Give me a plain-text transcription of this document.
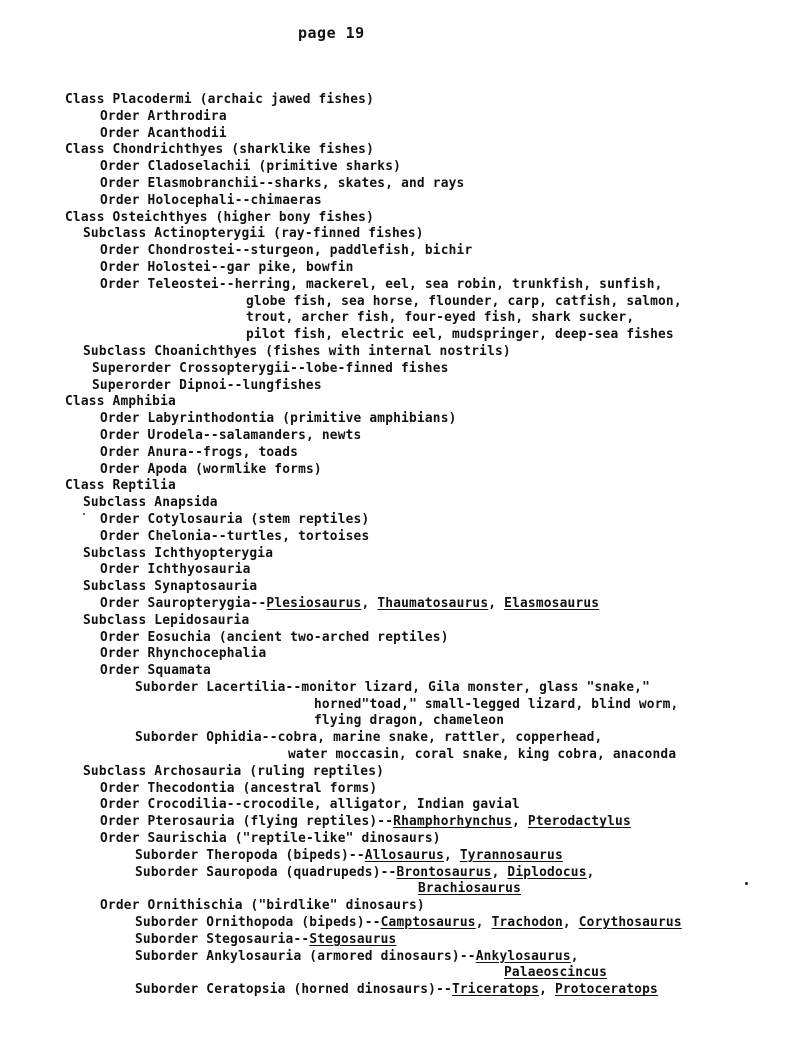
page 19
Class Placodermi (archaic jawed fishes)
Order Arthrodira
Order Acanthodii
Class Chondrichthyes (sharklike fishes)
Order Cladoselachii (primitive sharks)
Order Elasmobranchii--sharks, skates, and rays
Order Holocephali--chimaeras
Class Osteichthyes (higher bony fishes)
Subclass Actinopterygii (ray-finned fishes)
Order Chondrostei--sturgeon, paddlefish, bichir
Order Holostei--gar pike, bowfin
Order Teleostei--herring, mackerel, eel, sea robin, trunkfish, sunfish,
globe fish, sea horse, flounder, carp, catfish, salmon,
trout, archer fish, four-eyed fish, shark sucker,
pilot fish, electric eel, mudspringer, deep-sea fishes
Subclass Choanichthyes (fishes with internal nostrils)
Superorder Crossopterygii--lobe-finned fishes
Superorder Dipnoi--lungfishes
Class Amphibia
Order Labyrinthodontia (primitive amphibians)
Order Urodela--salamanders, newts
Order Anura--frogs, toads
Order Apoda (wormlike forms)
Class Reptilia
Subclass Anapsida
Order Cotylosauria (stem reptiles)
Order Chelonia--turtles, tortoises
Subclass Ichthyopterygia
Order Ichthyosauria
Subclass Synaptosauria
Order Sauropterygia--Plesiosaurus, Thaumatosaurus, Elasmosaurus
Subclass Lepidosauria
Order Eosuchia (ancient two-arched reptiles)
Order Rhynchocephalia
Order Squamata
Suborder Lacertilia--monitor lizard, Gila monster, glass "snake,"
horned"toad," small-legged lizard, blind worm,
flying dragon, chameleon
Suborder Ophidia--cobra, marine snake, rattler, copperhead,
water moccasin, coral snake, king cobra, anaconda
Subclass Archosauria (ruling reptiles)
Order Thecodontia (ancestral forms)
Order Crocodilia--crocodile, alligator, Indian gavial
Order Pterosauria (flying reptiles)--Rhamphorhynchus, Pterodactylus
Order Saurischia ("reptile-like" dinosaurs)
Suborder Theropoda (bipeds)--Allosaurus, Tyrannosaurus
Suborder Sauropoda (quadrupeds)--Brontosaurus, Diplodocus,
Brachiosaurus
Order Ornithischia ("birdlike" dinosaurs)
Suborder Ornithopoda (bipeds)--Camptosaurus, Trachodon, Corythosaurus
Suborder Stegosauria--Stegosaurus
Suborder Ankylosauria (armored dinosaurs)--Ankylosaurus,
Palaeoscincus
Suborder Ceratopsia (horned dinosaurs)--Triceratops, Protoceratops
